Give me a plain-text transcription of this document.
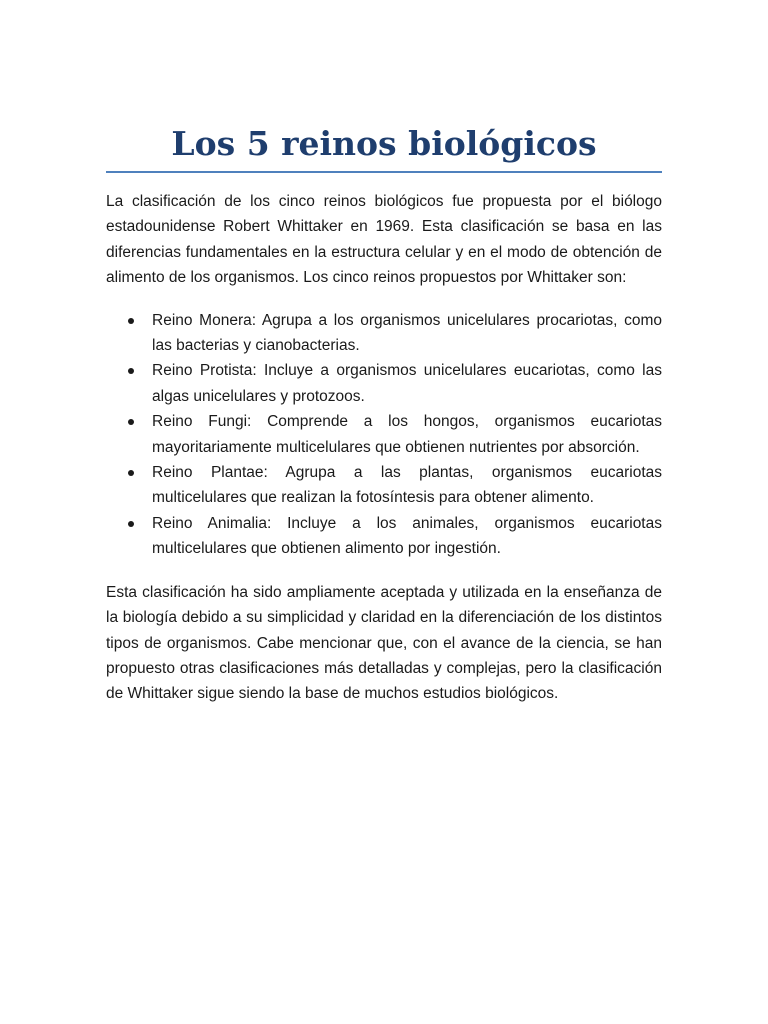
Los 5 reinos biológicos

La clasificación de los cinco reinos biológicos fue propuesta por el biólogo estadounidense Robert Whittaker en 1969. Esta clasificación se basa en las diferencias fundamentales en la estructura celular y en el modo de obtención de alimento de los organismos. Los cinco reinos propuestos por Whittaker son:

Reino Monera: Agrupa a los organismos unicelulares procariotas, como las bacterias y cianobacterias.
Reino Protista: Incluye a organismos unicelulares eucariotas, como las algas unicelulares y protozoos.
Reino Fungi: Comprende a los hongos, organismos eucariotas mayoritariamente multicelulares que obtienen nutrientes por absorción.
Reino Plantae: Agrupa a las plantas, organismos eucariotas multicelulares que realizan la fotosíntesis para obtener alimento.
Reino Animalia: Incluye a los animales, organismos eucariotas multicelulares que obtienen alimento por ingestión.

Esta clasificación ha sido ampliamente aceptada y utilizada en la enseñanza de la biología debido a su simplicidad y claridad en la diferenciación de los distintos tipos de organismos. Cabe mencionar que, con el avance de la ciencia, se han propuesto otras clasificaciones más detalladas y complejas, pero la clasificación de Whittaker sigue siendo la base de muchos estudios biológicos.
